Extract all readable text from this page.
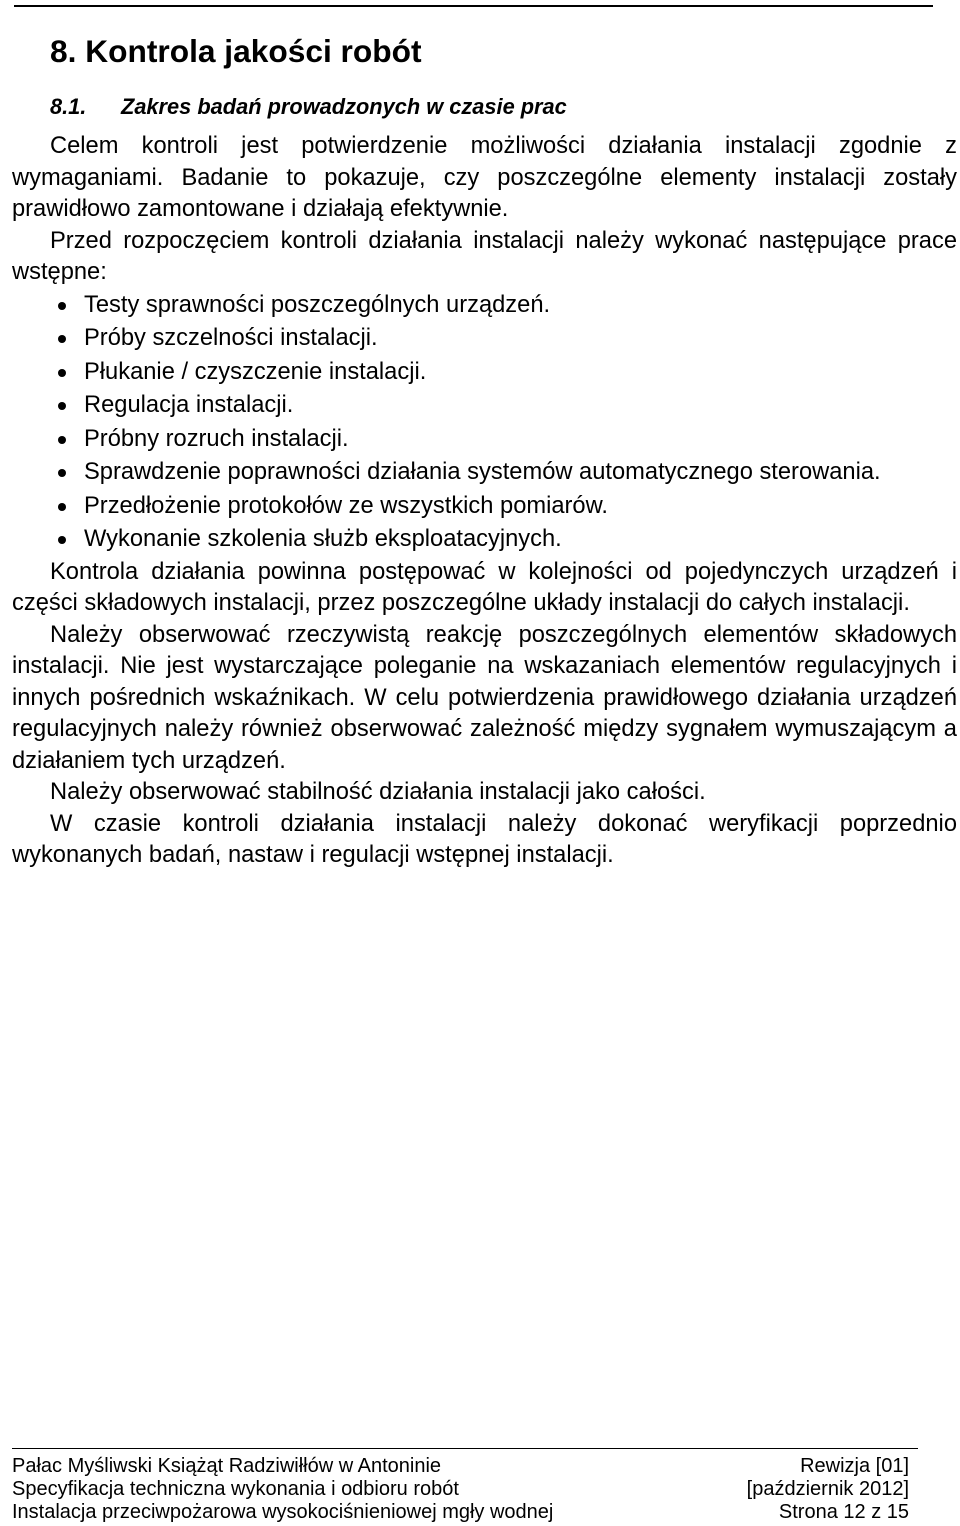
8. Kontrola jakości robót
8.1. Zakres badań prowadzonych w czasie prac
Celem kontroli jest potwierdzenie możliwości działania instalacji zgodnie z
wymaganiami. Badanie to pokazuje, czy poszczególne elementy instalacji zostały
prawidłowo zamontowane i działają efektywnie.
Przed rozpoczęciem kontroli działania instalacji należy wykonać następujące prace
wstępne:
Testy sprawności poszczególnych urządzeń.
Próby szczelności instalacji.
Płukanie / czyszczenie instalacji.
Regulacja instalacji.
Próbny rozruch instalacji.
Sprawdzenie poprawności działania systemów automatycznego sterowania.
Przedłożenie protokołów ze wszystkich pomiarów.
Wykonanie szkolenia służb eksploatacyjnych.
Kontrola działania powinna postępować w kolejności od pojedynczych urządzeń i
części składowych instalacji, przez poszczególne układy instalacji do całych instalacji.
Należy obserwować rzeczywistą reakcję poszczególnych elementów składowych
instalacji. Nie jest wystarczające poleganie na wskazaniach elementów regulacyjnych i
innych pośrednich wskaźnikach. W celu potwierdzenia prawidłowego działania urządzeń
regulacyjnych należy również obserwować zależność między sygnałem wymuszającym a
działaniem tych urządzeń.
Należy obserwować stabilność działania instalacji jako całości.
W czasie kontroli działania instalacji należy dokonać weryfikacji poprzednio
wykonanych badań, nastaw i regulacji wstępnej instalacji.
Pałac Myśliwski Książąt Radziwiłłów w Antoninie	Rewizja [01]
Specyfikacja techniczna wykonania i odbioru robót	[październik 2012]
Instalacja przeciwpożarowa wysokociśnieniowej mgły wodnej	Strona 12 z 15
